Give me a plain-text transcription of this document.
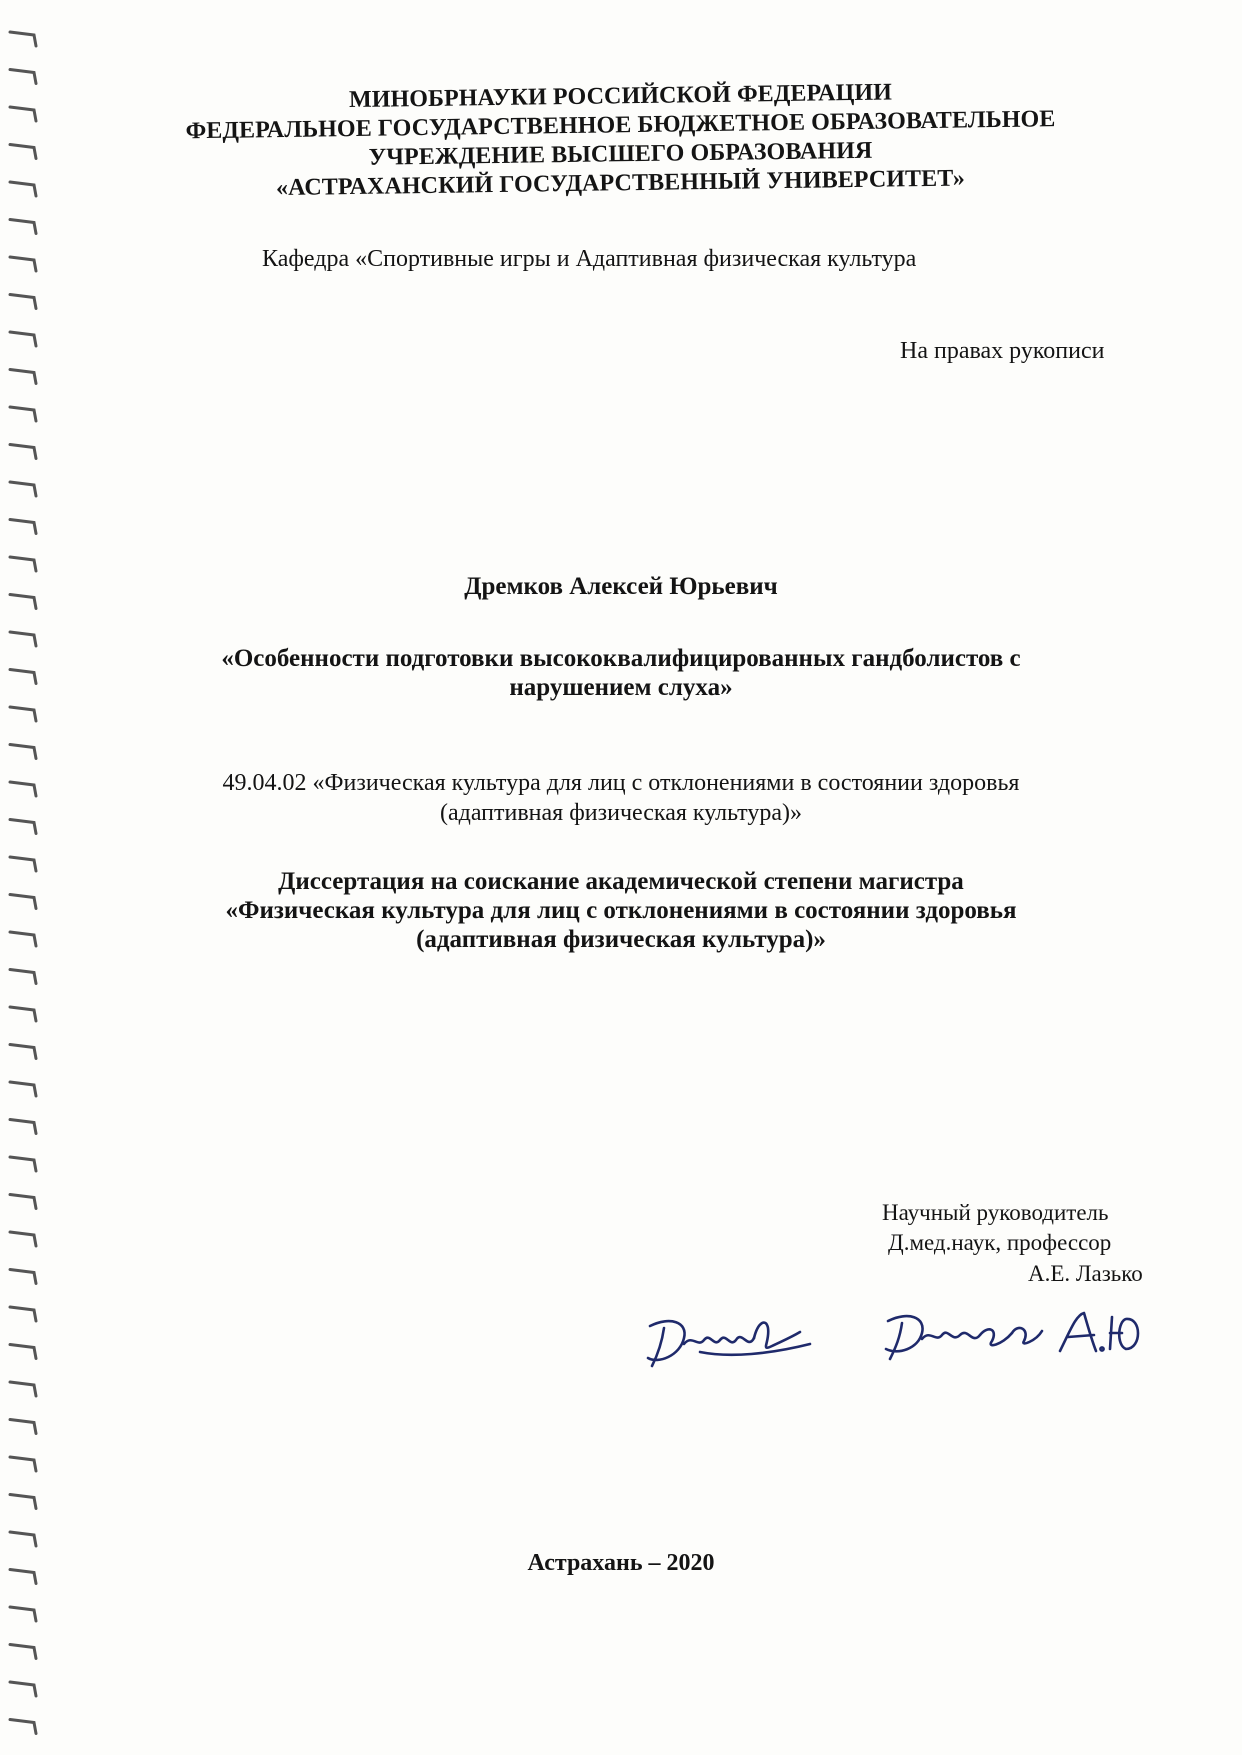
МИНОБРНАУКИ РОССИЙСКОЙ ФЕДЕРАЦИИ
ФЕДЕРАЛЬНОЕ ГОСУДАРСТВЕННОЕ БЮДЖЕТНОЕ ОБРАЗОВАТЕЛЬНОЕ
УЧРЕЖДЕНИЕ ВЫСШЕГО ОБРАЗОВАНИЯ
«АСТРАХАНСКИЙ ГОСУДАРСТВЕННЫЙ УНИВЕРСИТЕТ»
Кафедра «Спортивные игры и Адаптивная физическая культура
На правах рукописи
Дремков Алексей Юрьевич
«Особенности подготовки высококвалифицированных гандболистов с
нарушением слуха»
49.04.02 «Физическая культура для лиц с отклонениями в состоянии здоровья
(адаптивная физическая культура)»
Диссертация на соискание академической степени магистра
«Физическая культура для лиц с отклонениями в состоянии здоровья
(адаптивная физическая культура)»
Научный руководитель
Д.мед.наук, профессор
А.Е. Лазько
Астрахань – 2020
